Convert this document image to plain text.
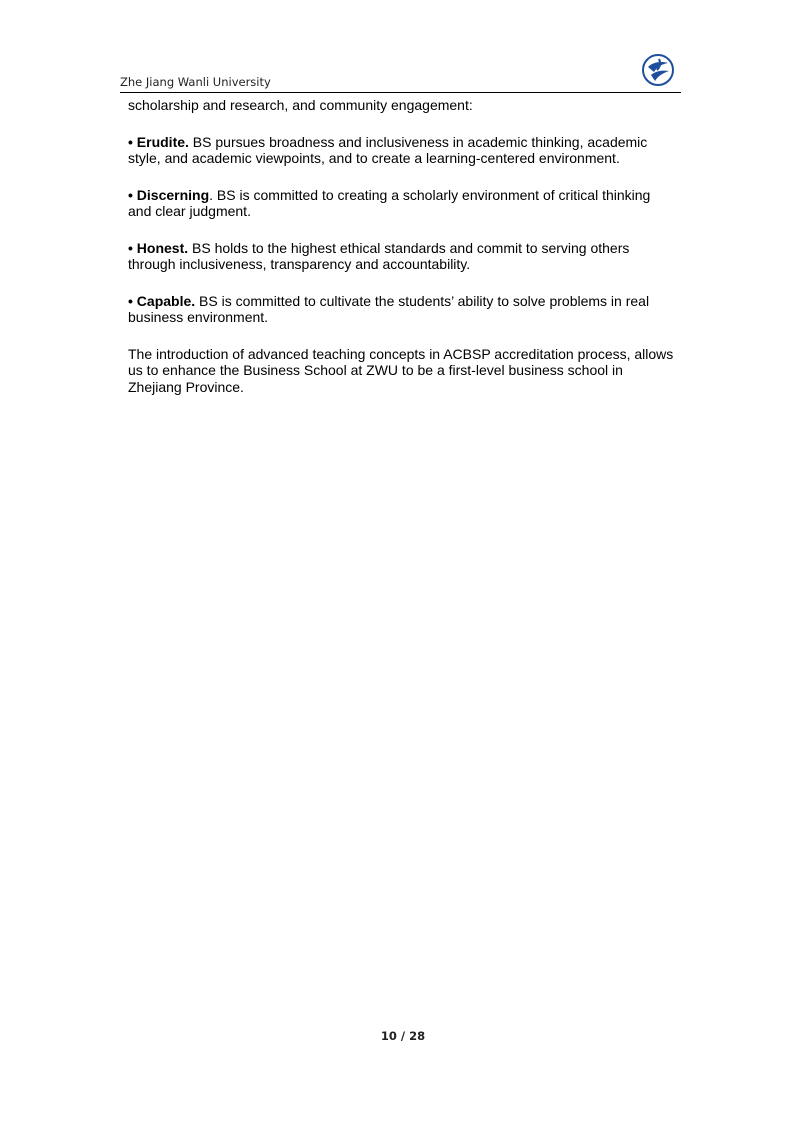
Zhe Jiang Wanli University

scholarship and research, and community engagement:

• Erudite. BS pursues broadness and inclusiveness in academic thinking, academic style, and academic viewpoints, and to create a learning-centered environment.

• Discerning. BS is committed to creating a scholarly environment of critical thinking and clear judgment.

• Honest. BS holds to the highest ethical standards and commit to serving others through inclusiveness, transparency and accountability.

• Capable. BS is committed to cultivate the students’ ability to solve problems in real business environment.

The introduction of advanced teaching concepts in ACBSP accreditation process, allows us to enhance the Business School at ZWU to be a first-level business school in Zhejiang Province.

10 / 28
